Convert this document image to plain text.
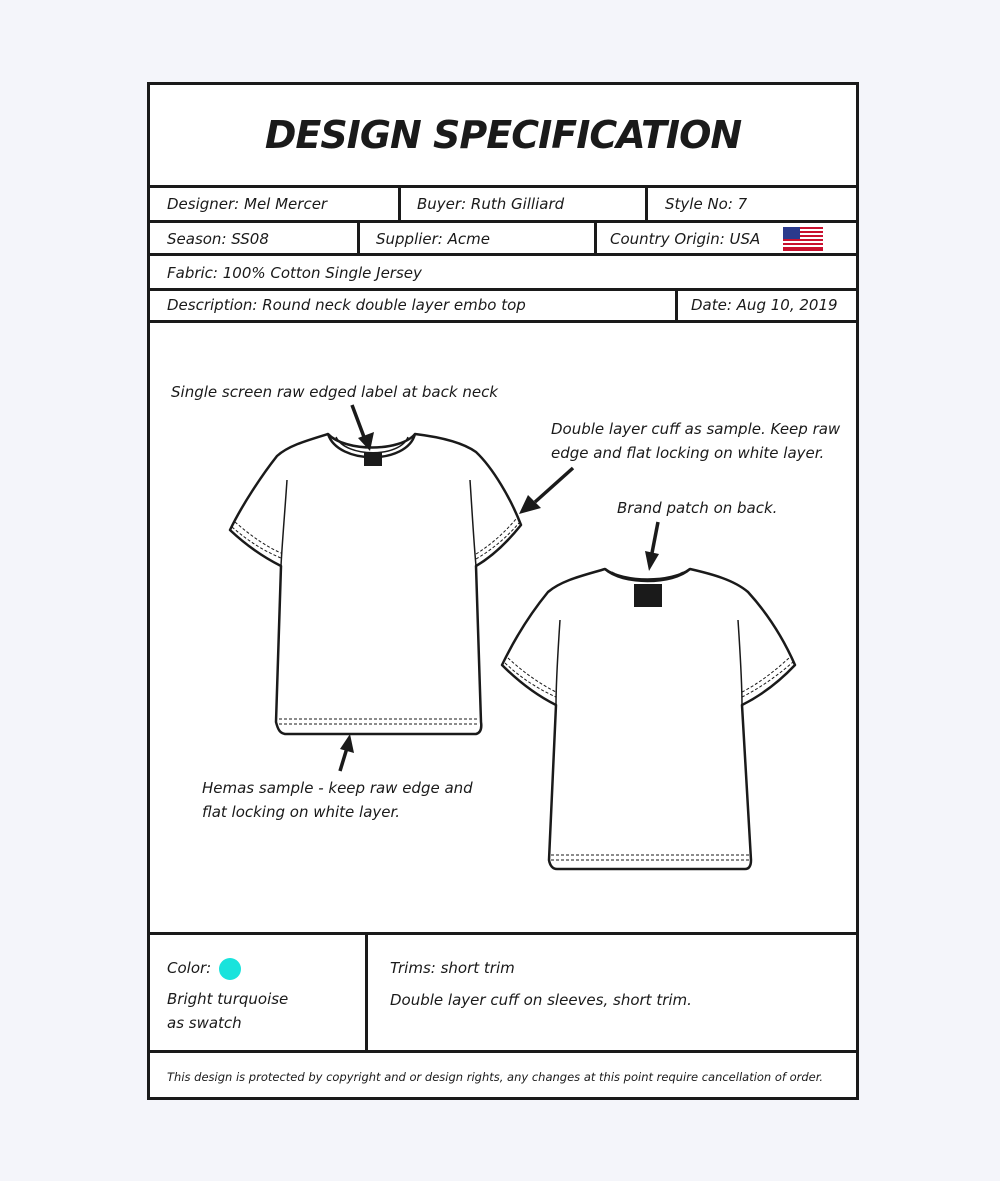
DESIGN SPECIFICATION
Designer: Mel Mercer	Buyer: Ruth Gilliard	Style No: 7
Season: SS08	Supplier: Acme	Country Origin: USA
Fabric: 100% Cotton Single Jersey
Description: Round neck double layer embo top	Date: Aug 10, 2019
Single screen raw edged label at back neck
Double layer cuff as sample. Keep raw
edge and flat locking on white layer.
Brand patch on back.
Hemas sample - keep raw edge and
flat locking on white layer.
Color:
Bright turquoise
as swatch
Trims: short trim
Double layer cuff on sleeves, short trim.
This design is protected by copyright and or design rights, any changes at this point require cancellation of order.
